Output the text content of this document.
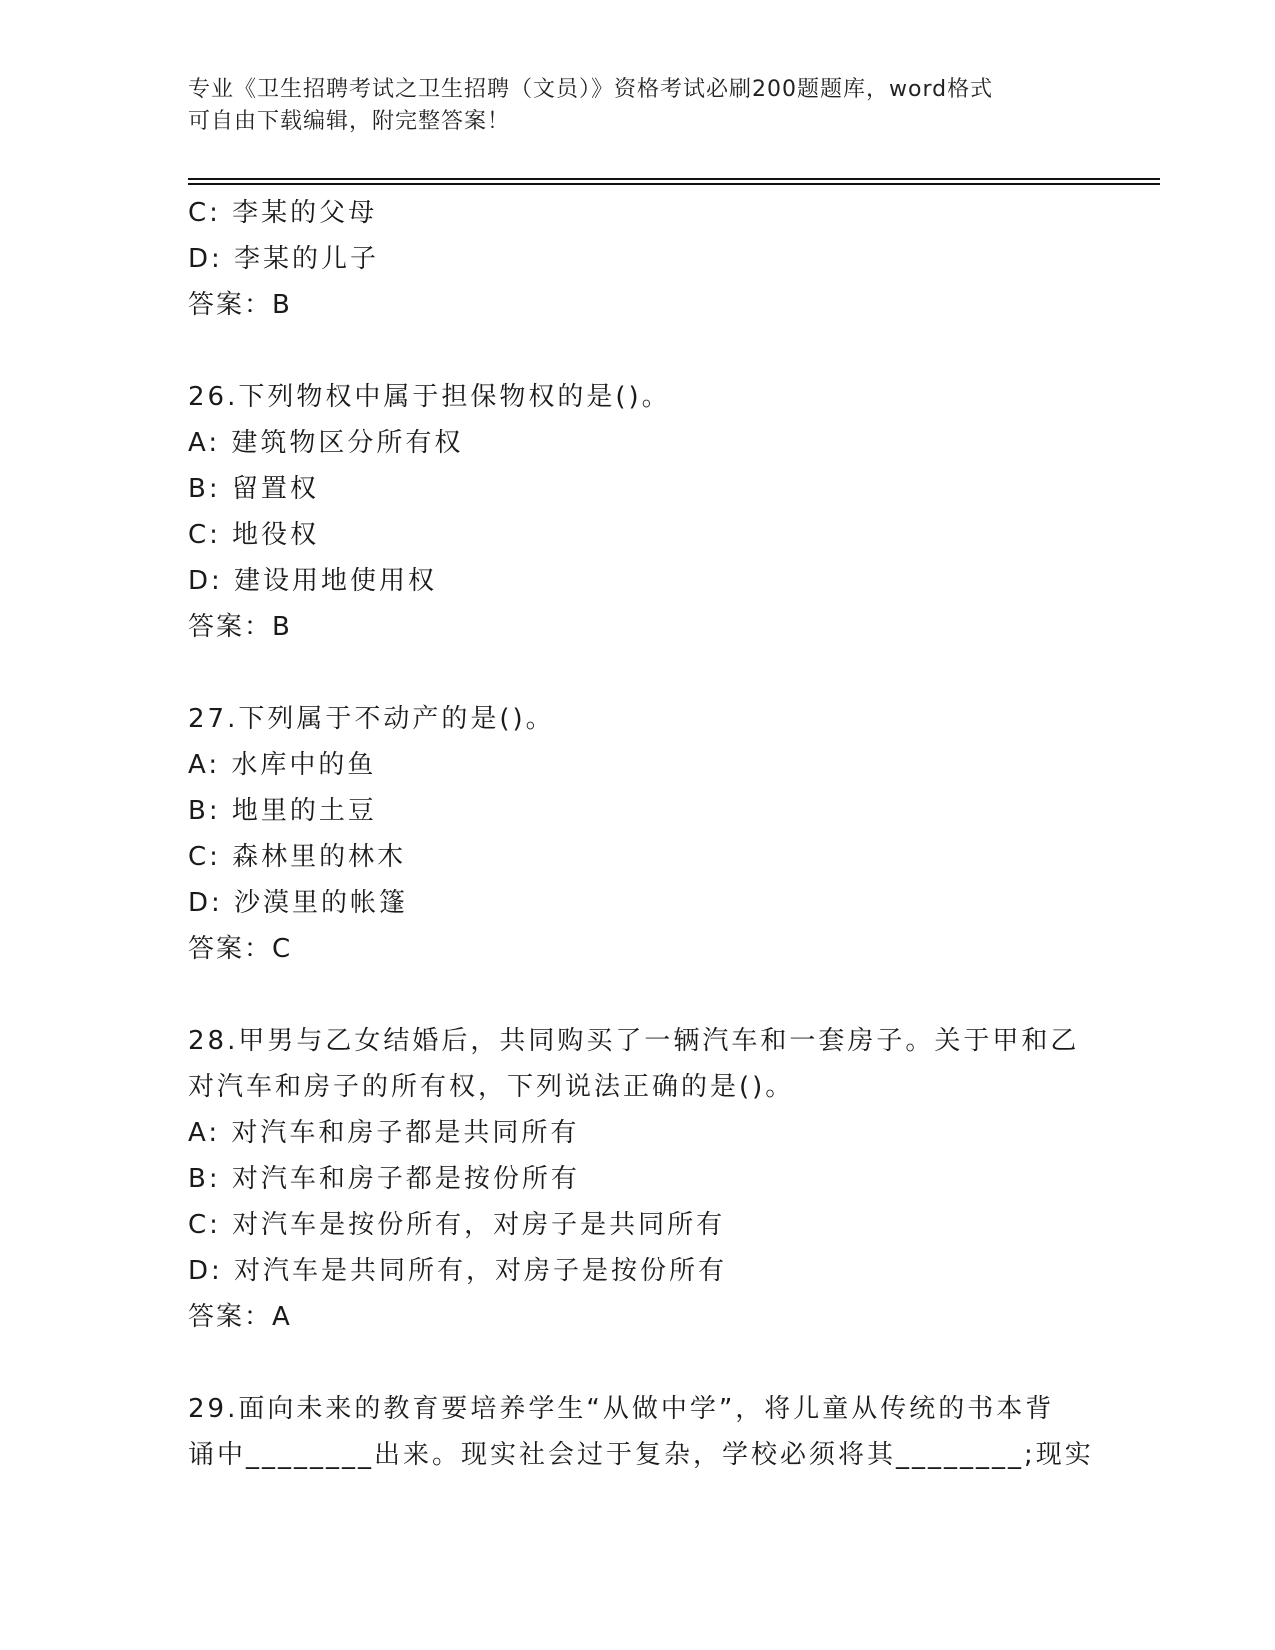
专业《卫生招聘考试之卫生招聘（文员）》资格考试必刷200题题库，word格式
可自由下载编辑，附完整答案！
C: 李某的父母
D: 李某的儿子
答案：B
26.下列物权中属于担保物权的是()。
A: 建筑物区分所有权
B: 留置权
C: 地役权
D: 建设用地使用权
答案：B
27.下列属于不动产的是()。
A: 水库中的鱼
B: 地里的土豆
C: 森林里的林木
D: 沙漠里的帐篷
答案：C
28.甲男与乙女结婚后，共同购买了一辆汽车和一套房子。关于甲和乙
对汽车和房子的所有权，下列说法正确的是()。
A: 对汽车和房子都是共同所有
B: 对汽车和房子都是按份所有
C: 对汽车是按份所有，对房子是共同所有
D: 对汽车是共同所有，对房子是按份所有
答案：A
29.面向未来的教育要培养学生“从做中学”，将儿童从传统的书本背
诵中________出来。现实社会过于复杂，学校必须将其________;现实
